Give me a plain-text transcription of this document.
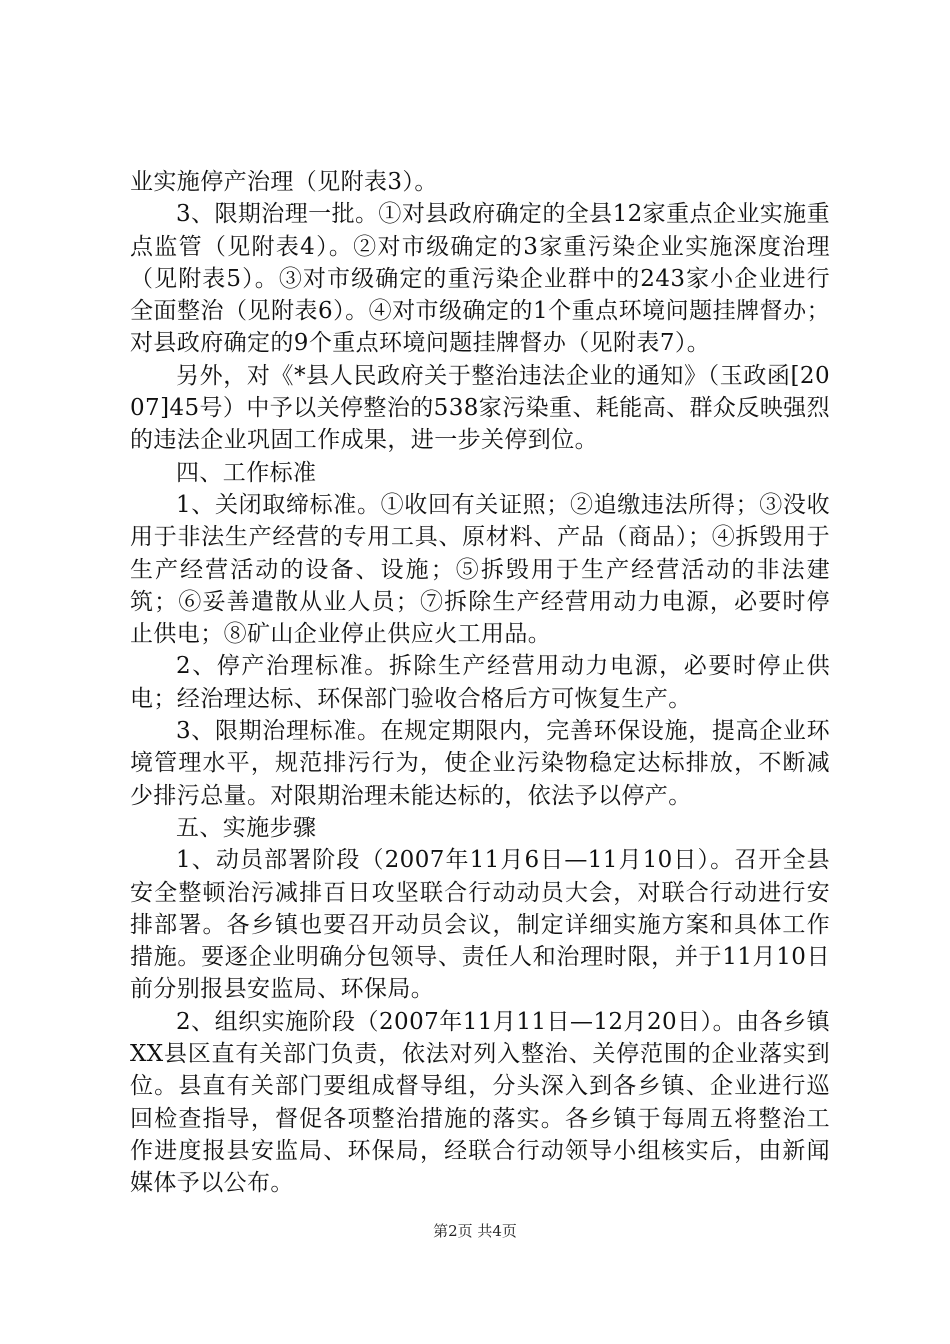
业实施停产治理（见附表3）。

3、限期治理一批。①对县政府确定的全县12家重点企业实施重点监管（见附表4）。②对市级确定的3家重污染企业实施深度治理（见附表5）。③对市级确定的重污染企业群中的243家小企业进行全面整治（见附表6）。④对市级确定的1个重点环境问题挂牌督办；对县政府确定的9个重点环境问题挂牌督办（见附表7）。

另外，对《*县人民政府关于整治违法企业的通知》（玉政函[2007]45号）中予以关停整治的538家污染重、耗能高、群众反映强烈的违法企业巩固工作成果，进一步关停到位。

四、工作标准

1、关闭取缔标准。①收回有关证照；②追缴违法所得；③没收用于非法生产经营的专用工具、原材料、产品（商品）；④拆毁用于生产经营活动的设备、设施；⑤拆毁用于生产经营活动的非法建筑；⑥妥善遣散从业人员；⑦拆除生产经营用动力电源，必要时停止供电；⑧矿山企业停止供应火工用品。

2、停产治理标准。拆除生产经营用动力电源，必要时停止供电；经治理达标、环保部门验收合格后方可恢复生产。

3、限期治理标准。在规定期限内，完善环保设施，提高企业环境管理水平，规范排污行为，使企业污染物稳定达标排放，不断减少排污总量。对限期治理未能达标的，依法予以停产。

五、实施步骤

1、动员部署阶段（2007年11月6日—11月10日）。召开全县安全整顿治污减排百日攻坚联合行动动员大会，对联合行动进行安排部署。各乡镇也要召开动员会议，制定详细实施方案和具体工作措施。要逐企业明确分包领导、责任人和治理时限，并于11月10日前分别报县安监局、环保局。

2、组织实施阶段（2007年11月11日—12月20日）。由各乡镇XX县区直有关部门负责，依法对列入整治、关停范围的企业落实到位。县直有关部门要组成督导组，分头深入到各乡镇、企业进行巡回检查指导，督促各项整治措施的落实。各乡镇于每周五将整治工作进度报县安监局、环保局，经联合行动领导小组核实后，由新闻媒体予以公布。

第2页 共4页
